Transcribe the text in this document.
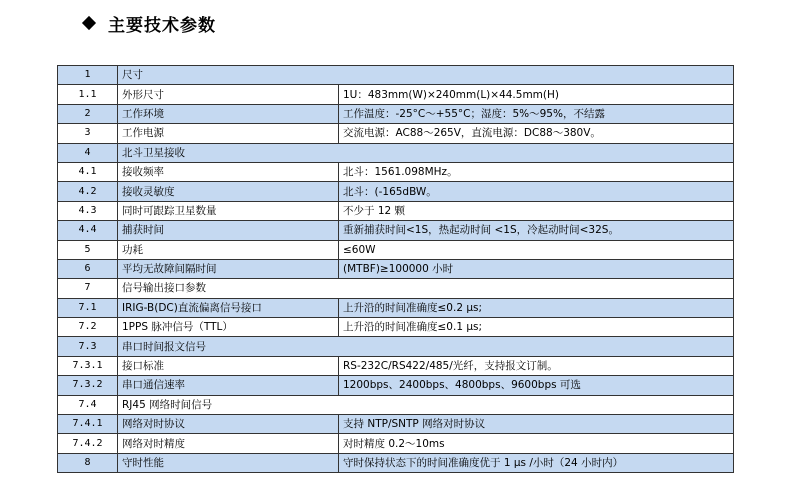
主要技术参数
1	尺寸	
1.1	外形尺寸	1U：483mm(W)×240mm(L)×44.5mm(H)
2	工作环境	工作温度：-25°C～+55°C；湿度：5%～95%，不结露
3	工作电源	交流电源：AC88～265V，直流电源：DC88～380V。
4	北斗卫星接收	
4.1	接收频率	北斗：1561.098MHz。
4.2	接收灵敏度	北斗：(-165dBW。
4.3	同时可跟踪卫星数量	不少于 12 颗
4.4	捕获时间	重新捕获时间<1S，热起动时间 <1S，冷起动时间<32S。
5	功耗	≤60W
6	平均无故障间隔时间	(MTBF)≥100000 小时
7	信号输出接口参数	
7.1	IRIG-B(DC)直流偏离信号接口	上升沿的时间准确度≤0.2 μs;
7.2	1PPS 脉冲信号（TTL）	上升沿的时间准确度≤0.1 μs;
7.3	串口时间报文信号	
7.3.1	接口标准	RS-232C/RS422/485/光纤，支持报文订制。
7.3.2	串口通信速率	1200bps、2400bps、4800bps、9600bps 可选
7.4	RJ45 网络时间信号	
7.4.1	网络对时协议	支持 NTP/SNTP 网络对时协议
7.4.2	网络对时精度	对时精度 0.2～10ms
8	守时性能	守时保持状态下的时间准确度优于 1 μs /小时（24 小时内）
